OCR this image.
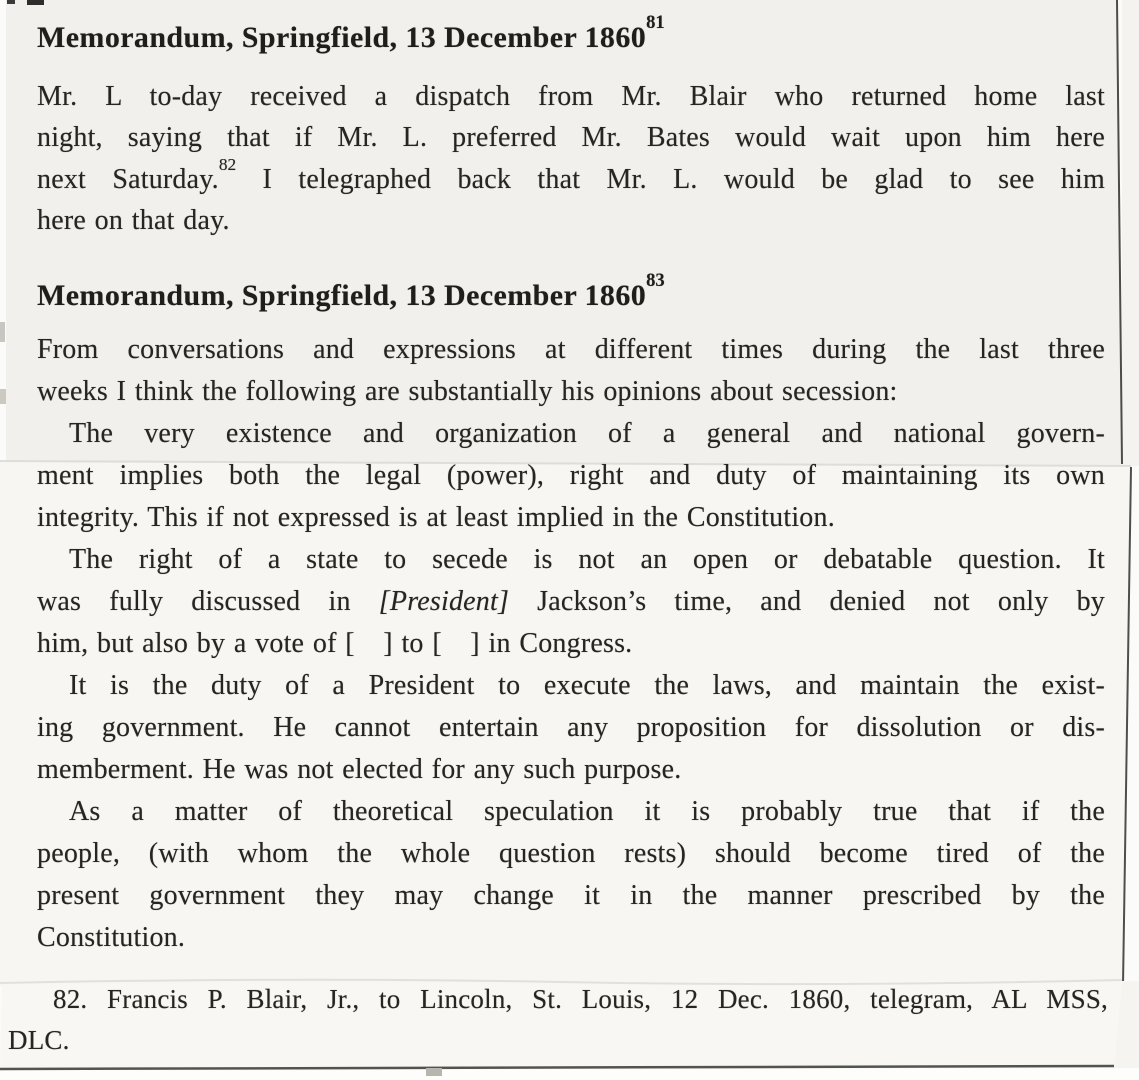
Memorandum, Springfield, 13 December 1860$^{81}$
Mr. L to-day received a dispatch from Mr. Blair who returned home last
night, saying that if Mr. L. preferred Mr. Bates would wait upon him here
next Saturday.$^{82}$ I telegraphed back that Mr. L. would be glad to see him
here on that day.
Memorandum, Springfield, 13 December 1860$^{83}$
From conversations and expressions at different times during the last three
weeks I think the following are substantially his opinions about secession:
The very existence and organization of a general and national govern-
ment implies both the legal (power), right and duty of maintaining its own
integrity. This if not expressed is at least implied in the Constitution.
The right of a state to secede is not an open or debatable question. It
was fully discussed in [President] Jackson’s time, and denied not only by
him, but also by a vote of [  ] to [  ] in Congress.
It is the duty of a President to execute the laws, and maintain the exist-
ing government. He cannot entertain any proposition for dissolution or dis-
memberment. He was not elected for any such purpose.
As a matter of theoretical speculation it is probably true that if the
people, (with whom the whole question rests) should become tired of the
present government they may change it in the manner prescribed by the
Constitution.
82. Francis P. Blair, Jr., to Lincoln, St. Louis, 12 Dec. 1860, telegram, AL MSS,
DLC.
